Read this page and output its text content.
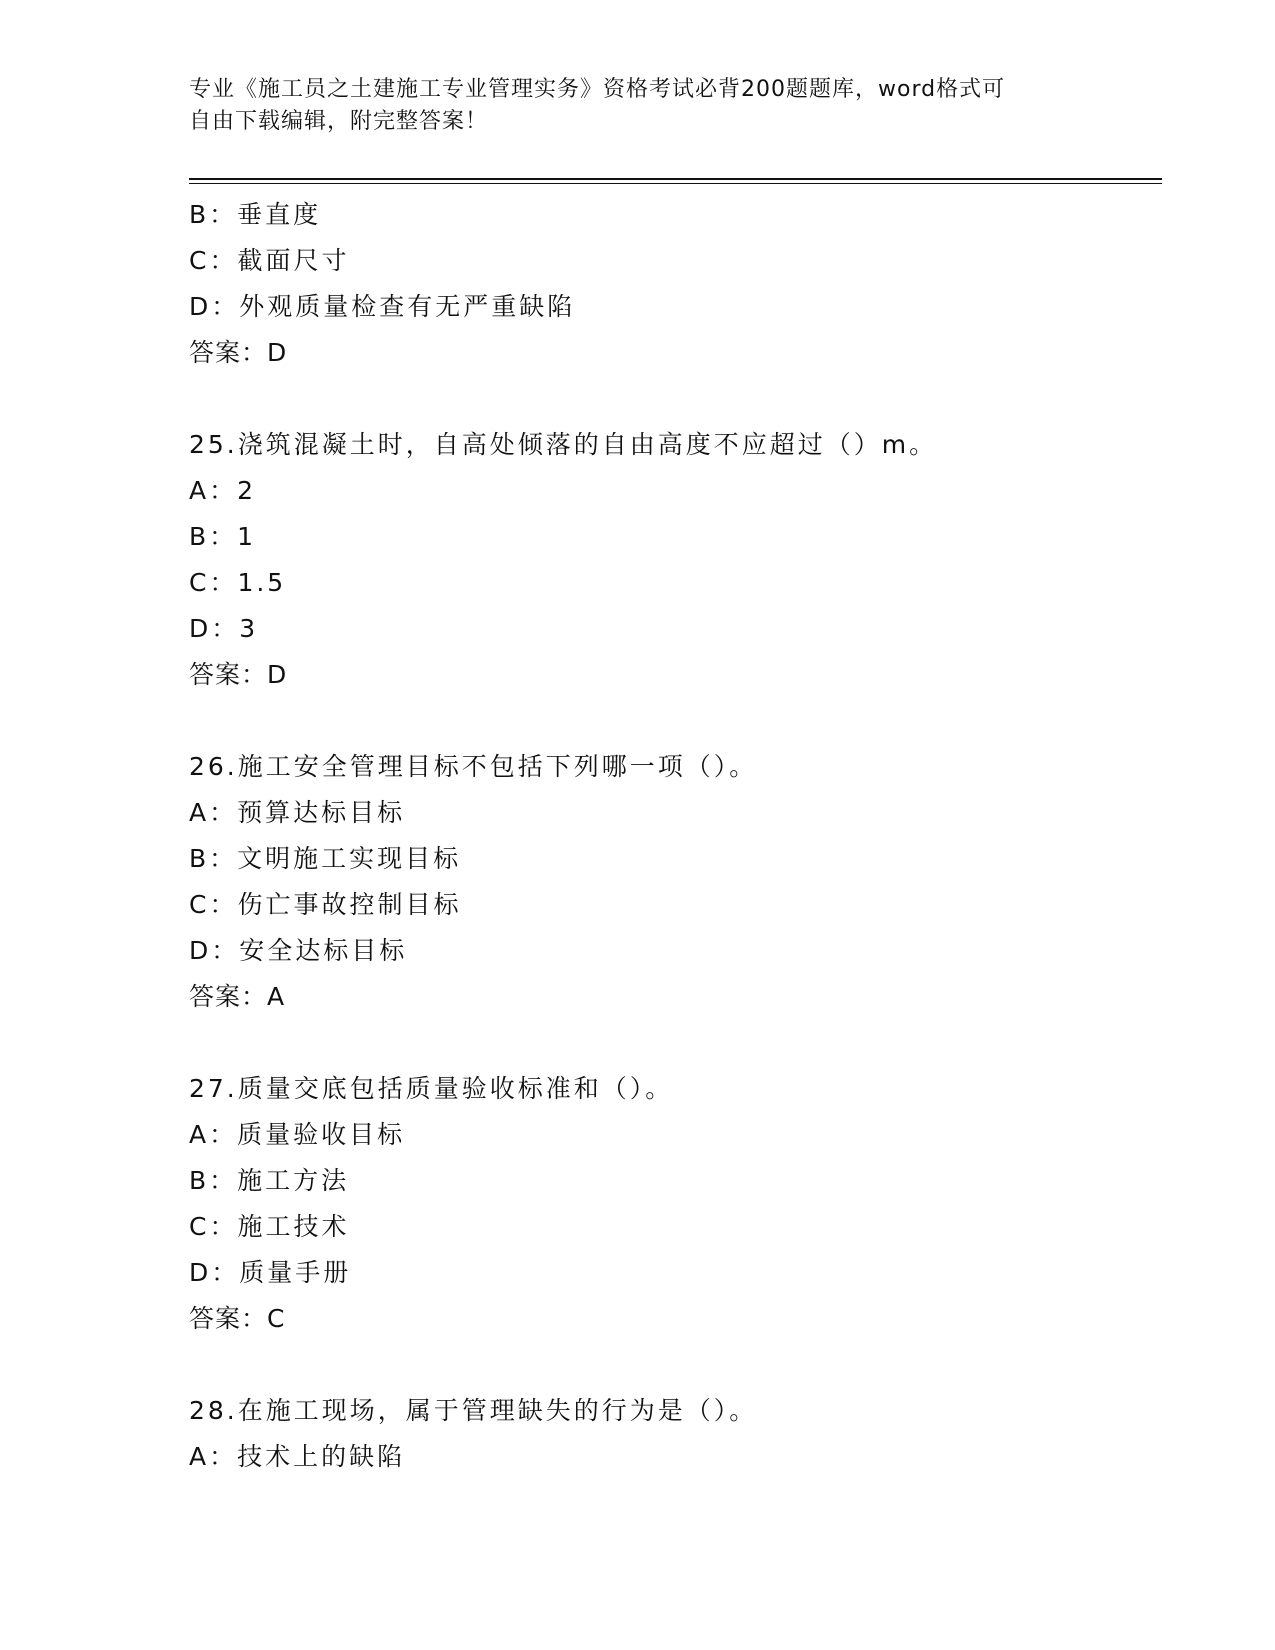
专业《施工员之土建施工专业管理实务》资格考试必背200题题库，word格式可
自由下载编辑，附完整答案！
B：垂直度
C：截面尺寸
D：外观质量检查有无严重缺陷
答案：D
25.浇筑混凝土时，自高处倾落的自由高度不应超过（）m。
A：2
B：1
C：1.5
D：3
答案：D
26.施工安全管理目标不包括下列哪一项（）。
A：预算达标目标
B：文明施工实现目标
C：伤亡事故控制目标
D：安全达标目标
答案：A
27.质量交底包括质量验收标准和（）。
A：质量验收目标
B：施工方法
C：施工技术
D：质量手册
答案：C
28.在施工现场，属于管理缺失的行为是（）。
A：技术上的缺陷
